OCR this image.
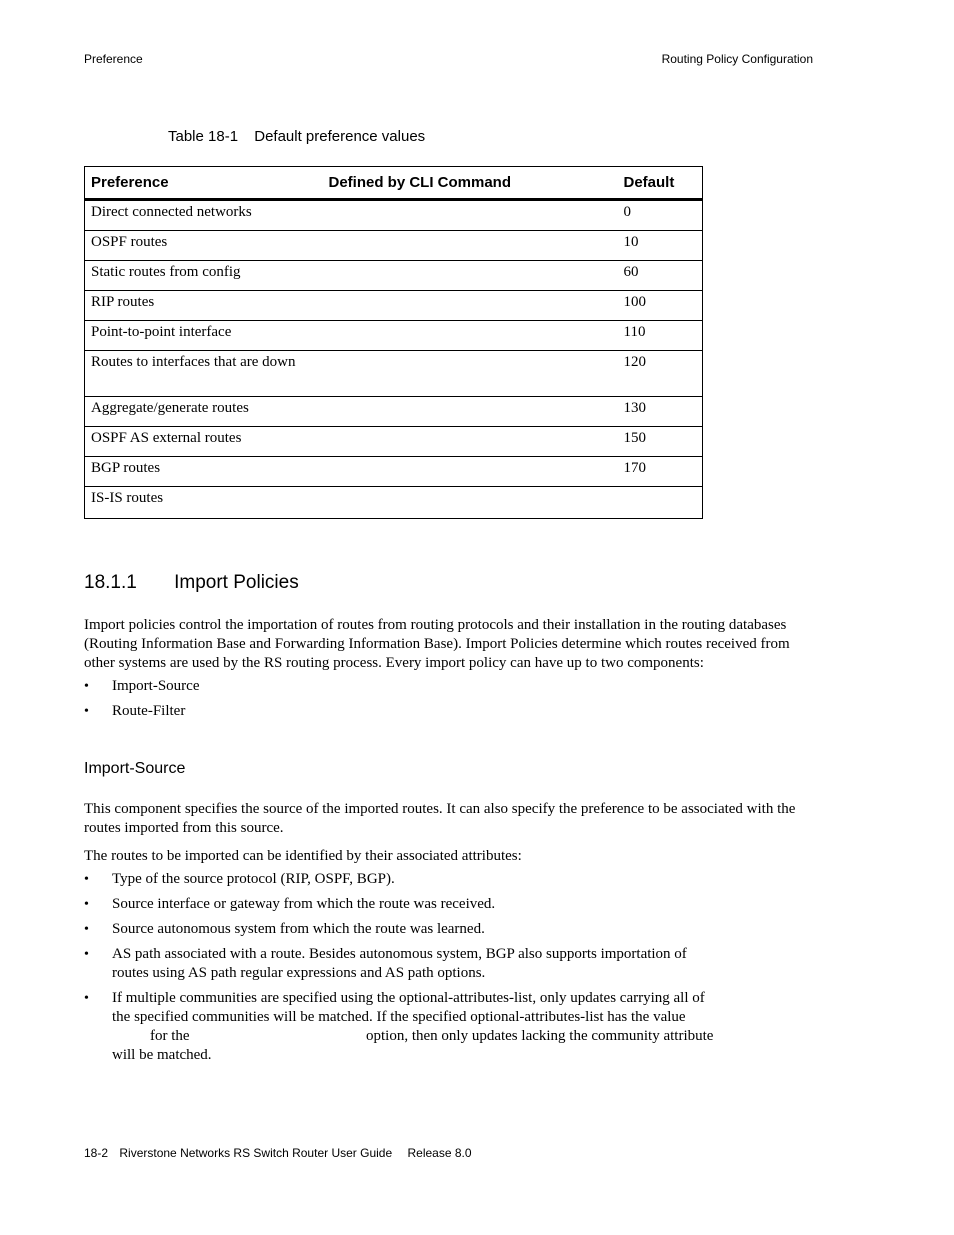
Preference	Routing Policy Configuration
Table 18-1 Default preference values
Preference	Defined by CLI Command	Default
Direct connected networks		0
OSPF routes		10
Static routes from config		60
RIP routes		100
Point-to-point interface		110
Routes to interfaces that are down		120
Aggregate/generate routes		130
OSPF AS external routes		150
BGP routes		170
IS-IS routes		
18.1.1 Import Policies
Import policies control the importation of routes from routing protocols and their installation in the routing databases
(Routing Information Base and Forwarding Information Base). Import Policies determine which routes received from
other systems are used by the RS routing process. Every import policy can have up to two components:
• Import-Source
• Route-Filter
Import-Source
This component specifies the source of the imported routes. It can also specify the preference to be associated with the
routes imported from this source.
The routes to be imported can be identified by their associated attributes:
• Type of the source protocol (RIP, OSPF, BGP).
• Source interface or gateway from which the route was received.
• Source autonomous system from which the route was learned.
• AS path associated with a route. Besides autonomous system, BGP also supports importation of
routes using AS path regular expressions and AS path options.
• If multiple communities are specified using the optional-attributes-list, only updates carrying all of
the specified communities will be matched. If the specified optional-attributes-list has the value
for the	option, then only updates lacking the community attribute
will be matched.
18-2 Riverstone Networks RS Switch Router User Guide Release 8.0
